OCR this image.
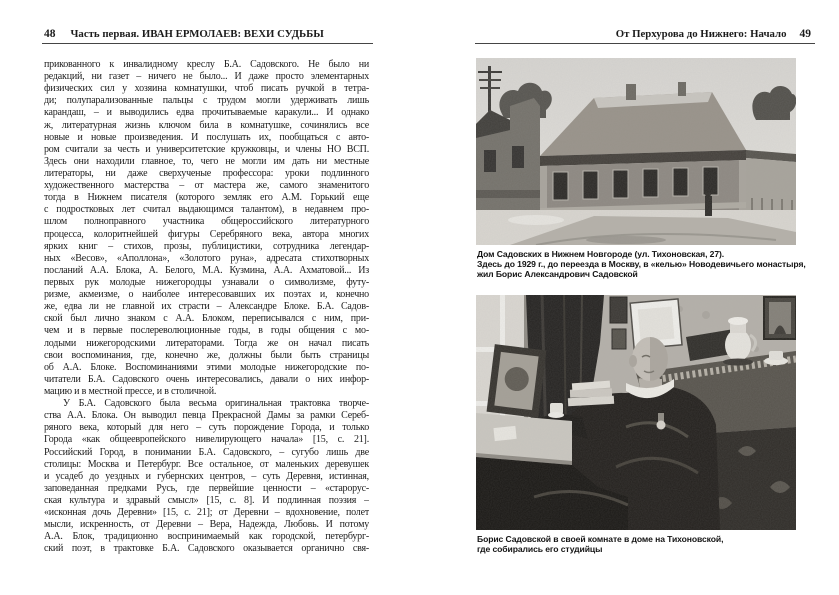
48 Часть первая. ИВАН ЕРМОЛАЕВ: ВЕХИ СУДЬБЫ
прикованного к инвалидному креслу Б.А. Садовского. Не было ни
редакций, ни газет – ничего не было... И даже просто элементарных
физических сил у хозяина комнатушки, чтоб писать ручкой в тетра-
ди; полупарализованные пальцы с трудом могли удерживать лишь
карандаш, – и выводились едва прочитываемые каракули... И однако
ж, литературная жизнь ключом била в комнатушке, сочинялись все
новые и новые произведения. И послушать их, пообщаться с авто-
ром считали за честь и университетские кружковцы, и члены НО ВСП.
Здесь они находили главное, то, чего не могли им дать ни местные
литераторы, ни даже сверхученые профессора: уроки подлинного
художественного мастерства – от мастера же, самого знаменитого
тогда в Нижнем писателя (которого земляк его А.М. Горький еще
с подростковых лет считал выдающимся талантом), в недавнем про-
шлом полноправного участника общероссийского литературного
процесса, колоритнейшей фигуры Серебряного века, автора многих
ярких книг – стихов, прозы, публицистики, сотрудника легендар-
ных «Весов», «Аполлона», «Золотого руна», адресата стихотворных
посланий А.А. Блока, А. Белого, М.А. Кузмина, А.А. Ахматовой... Из
первых рук молодые нижегородцы узнавали о символизме, футу-
ризме, акмеизме, о наиболее интересовавших их поэтах и, конечно
же, едва ли не главной их страсти – Александре Блоке. Б.А. Садов-
ской был лично знаком с А.А. Блоком, переписывался с ним, при-
чем и в первые послереволюционные годы, в годы общения с мо-
лодыми нижегородскими литераторами. Тогда же он начал писать
свои воспоминания, где, конечно же, должны были быть страницы
об А.А. Блоке. Воспоминаниями этими молодые нижегородские по-
читатели Б.А. Садовского очень интересовались, давали о них инфор-
мацию и в местной прессе, и в столичной.
У Б.А. Садовского была весьма оригинальная трактовка творче-
ства А.А. Блока. Он выводил певца Прекрасной Дамы за рамки Сереб-
ряного века, который для него – суть порождение Города, и только
Города «как общеевропейского нивелирующего начала» [15, с. 21].
Российский Город, в понимании Б.А. Садовского, – сугубо лишь две
столицы: Москва и Петербург. Все остальное, от маленьких деревушек
и усадеб до уездных и губернских центров, – суть Деревня, истинная,
заповеданная предками Русь, где первейшие ценности – «старорус-
ская культура и здравый смысл» [15, с. 8]. И подлинная поэзия –
«исконная дочь Деревни» [15, с. 21]; от Деревни – вдохновение, полет
мысли, искренность, от Деревни – Вера, Надежда, Любовь. И потому
А.А. Блок, традиционно воспринимаемый как городской, петербург-
ский поэт, в трактовке Б.А. Садовского оказывается органично свя-
От Перхурова до Нижнего: Начало 49
Дом Садовских в Нижнем Новгороде (ул. Тихоновская, 27).
Здесь до 1929 г., до переезда в Москву, в «келью» Новодевичьего монастыря,
жил Борис Александрович Садовской
Борис Садовской в своей комнате в доме на Тихоновской,
где собирались его студийцы
